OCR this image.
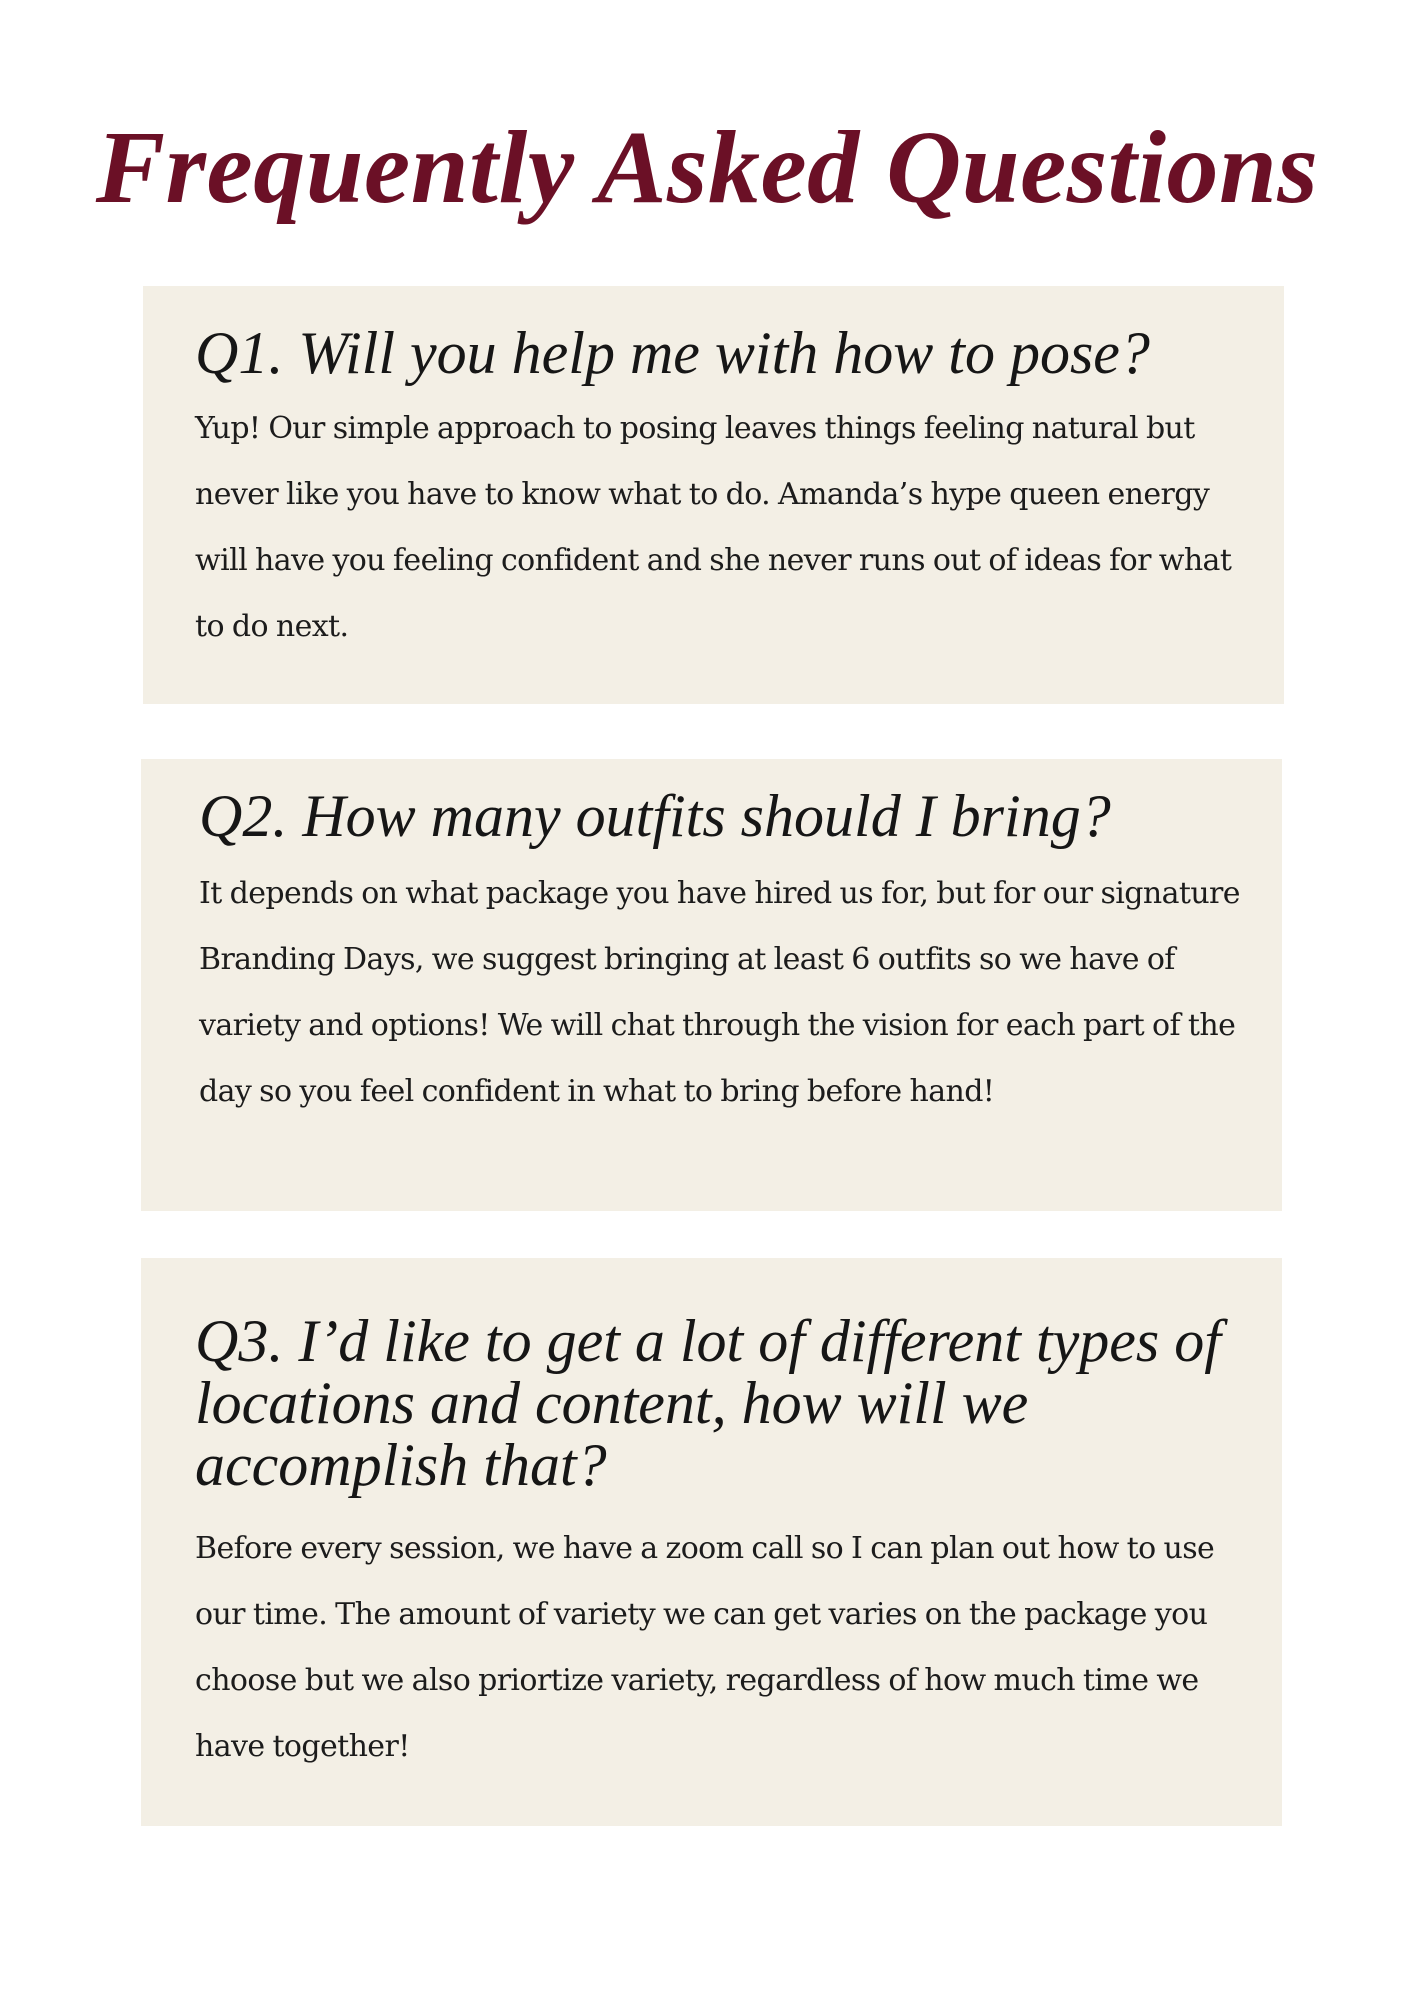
Frequently Asked Questions
Q1. Will you help me with how to pose?

Yup! Our simple approach to posing leaves things feeling natural but never like you have to know what to do. Amanda’s hype queen energy will have you feeling confident and she never runs out of ideas for what to do next.

Q2. How many outfits should I bring?

It depends on what package you have hired us for, but for our signature Branding Days, we suggest bringing at least 6 outfits so we have of variety and options! We will chat through the vision for each part of the day so you feel confident in what to bring before hand!

Q3. I’d like to get a lot of different types of locations and content, how will we accomplish that?

Before every session, we have a zoom call so I can plan out how to use our time. The amount of variety we can get varies on the package you choose but we also priortize variety, regardless of how much time we have together!
